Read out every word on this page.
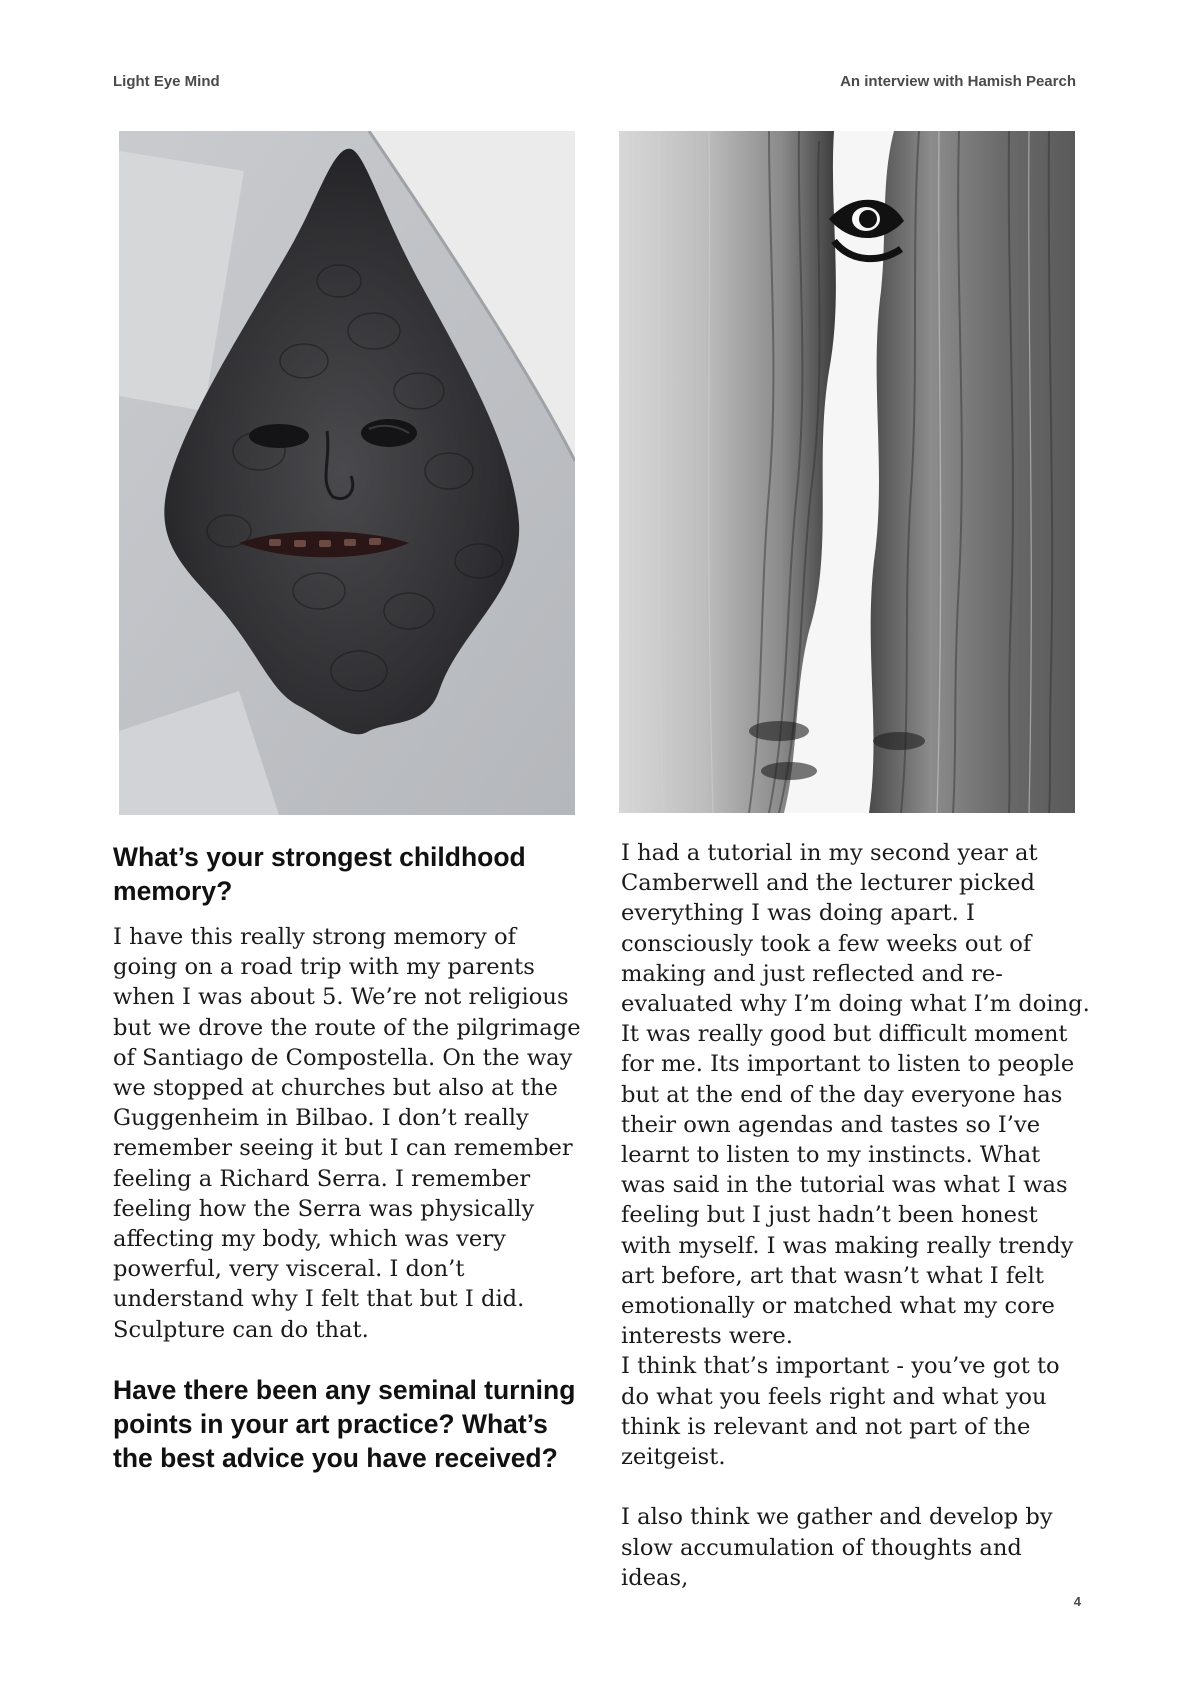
Light Eye Mind	An interview with Hamish Pearch

What’s your strongest childhood memory?

I have this really strong memory of going on a road trip with my parents when I was about 5. We’re not religious but we drove the route of the pilgrimage of Santiago de Compostella. On the way we stopped at churches but also at the Guggenheim in Bilbao. I don’t really remember seeing it but I can remember feeling a Richard Serra. I remember feeling how the Serra was physically affecting my body, which was very powerful, very visceral. I don’t understand why I felt that but I did. Sculpture can do that.

Have there been any seminal turning points in your art practice? What’s the best advice you have received?

I had a tutorial in my second year at Camberwell and the lecturer picked everything I was doing apart. I consciously took a few weeks out of making and just reflected and re-evaluated why I’m doing what I’m doing. It was really good but difficult moment for me. Its important to listen to people but at the end of the day everyone has their own agendas and tastes so I’ve learnt to listen to my instincts. What was said in the tutorial was what I was feeling but I just hadn’t been honest with myself. I was making really trendy art before, art that wasn’t what I felt emotionally or matched what my core interests were.
I think that’s important - you’ve got to do what you feels right and what you think is relevant and not part of the zeitgeist.

I also think we gather and develop by slow accumulation of thoughts and ideas,

4
